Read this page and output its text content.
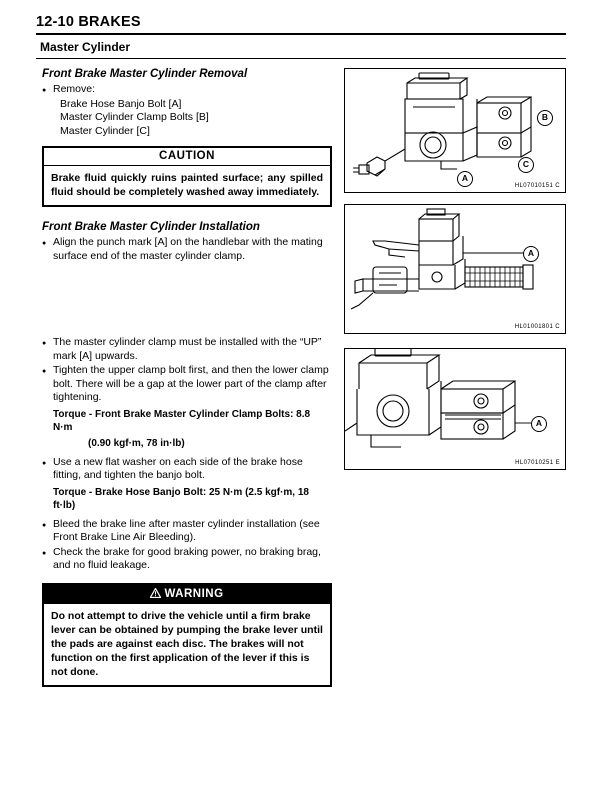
12-10 BRAKES
Master Cylinder
Front Brake Master Cylinder Removal
● Remove:
Brake Hose Banjo Bolt [A]
Master Cylinder Clamp Bolts [B]
Master Cylinder [C]
CAUTION
Brake fluid quickly ruins painted surface; any spilled fluid should be completely washed away immediately.
Front Brake Master Cylinder Installation
● Align the punch mark [A] on the handlebar with the mating surface end of the master cylinder clamp.
● The master cylinder clamp must be installed with the “UP” mark [A] upwards.
● Tighten the upper clamp bolt first, and then the lower clamp bolt. There will be a gap at the lower part of the clamp after tightening.
Torque - Front Brake Master Cylinder Clamp Bolts: 8.8 N·m
(0.90 kgf·m, 78 in·lb)
● Use a new flat washer on each side of the brake hose fitting, and tighten the banjo bolt.
Torque - Brake Hose Banjo Bolt: 25 N·m (2.5 kgf·m, 18 ft·lb)
● Bleed the brake line after master cylinder installation (see Front Brake Line Air Bleeding).
● Check the brake for good braking power, no braking brag, and no fluid leakage.
WARNING
Do not attempt to drive the vehicle until a firm brake lever can be obtained by pumping the brake lever until the pads are against each disc. The brakes will not function on the first application of the lever if this is not done.
B
C
A
HL07010151 C
A
HL01001801 C
A
HL07010251 E
